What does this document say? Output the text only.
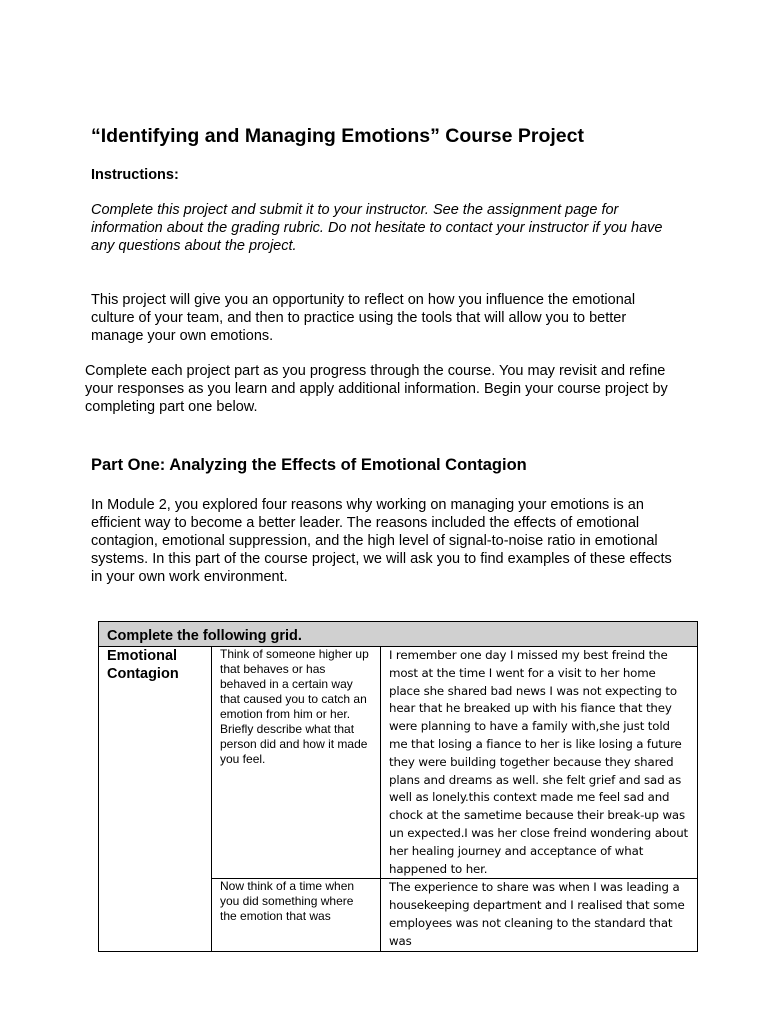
“Identifying and Managing Emotions” Course Project

Instructions:

Complete this project and submit it to your instructor. See the assignment page for information about the grading rubric. Do not hesitate to contact your instructor if you have any questions about the project.

This project will give you an opportunity to reflect on how you influence the emotional culture of your team, and then to practice using the tools that will allow you to better manage your own emotions.

Complete each project part as you progress through the course. You may revisit and refine your responses as you learn and apply additional information. Begin your course project by completing part one below.

Part One: Analyzing the Effects of Emotional Contagion

In Module 2, you explored four reasons why working on managing your emotions is an efficient way to become a better leader. The reasons included the effects of emotional contagion, emotional suppression, and the high level of signal-to-noise ratio in emotional systems. In this part of the course project, we will ask you to find examples of these effects in your own work environment.

Complete the following grid.		
Emotional Contagion	Think of someone higher up that behaves or has behaved in a certain way that caused you to catch an emotion from him or her. Briefly describe what that person did and how it made you feel.	I remember one day I missed my best freind the most at the time I went for a visit to her home place she shared bad news I was not expecting to hear that he breaked up with his fiance that they were planning to have a family with,she just told me that losing a fiance to her is like losing a future they were building together because they shared plans and dreams as well. she felt grief and sad as well as lonely.this context made me feel sad and chock at the sametime because their break-up was un expected.I was her close freind wondering about her healing journey and acceptance of what happened to her.
	Now think of a time when you did something where the emotion that was	The experience to share was when I was leading a housekeeping department and I realised that some employees was not cleaning to the standard that was
